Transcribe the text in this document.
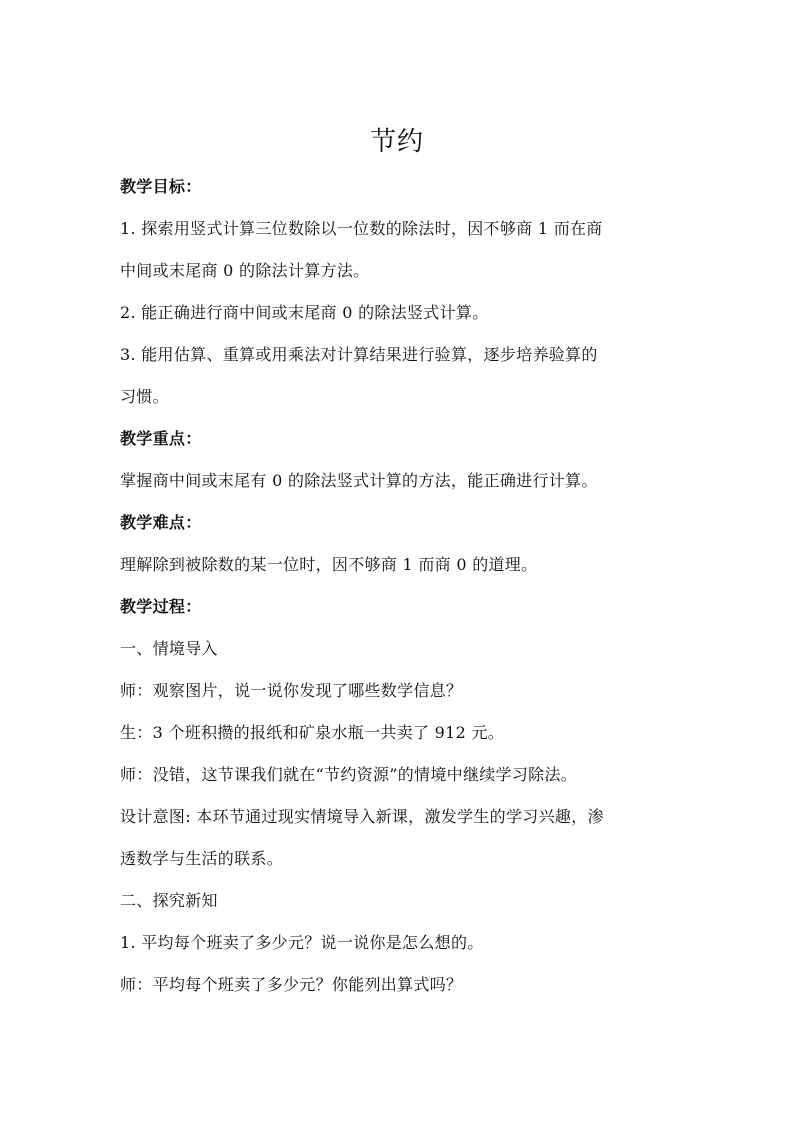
节约
教学目标：
1. 探索用竖式计算三位数除以一位数的除法时，因不够商 1 而在商
中间或末尾商 0 的除法计算方法。
2. 能正确进行商中间或末尾商 0 的除法竖式计算。
3. 能用估算、重算或用乘法对计算结果进行验算，逐步培养验算的
习惯。
教学重点：
掌握商中间或末尾有 0 的除法竖式计算的方法，能正确进行计算。
教学难点：
理解除到被除数的某一位时，因不够商 1 而商 0 的道理。
教学过程：
一、情境导入
师：观察图片，说一说你发现了哪些数学信息？
生：3 个班积攒的报纸和矿泉水瓶一共卖了 912 元。
师：没错，这节课我们就在“节约资源”的情境中继续学习除法。
设计意图: 本环节通过现实情境导入新课，激发学生的学习兴趣，渗
透数学与生活的联系。
二、探究新知
1. 平均每个班卖了多少元？说一说你是怎么想的。
师：平均每个班卖了多少元？你能列出算式吗？
